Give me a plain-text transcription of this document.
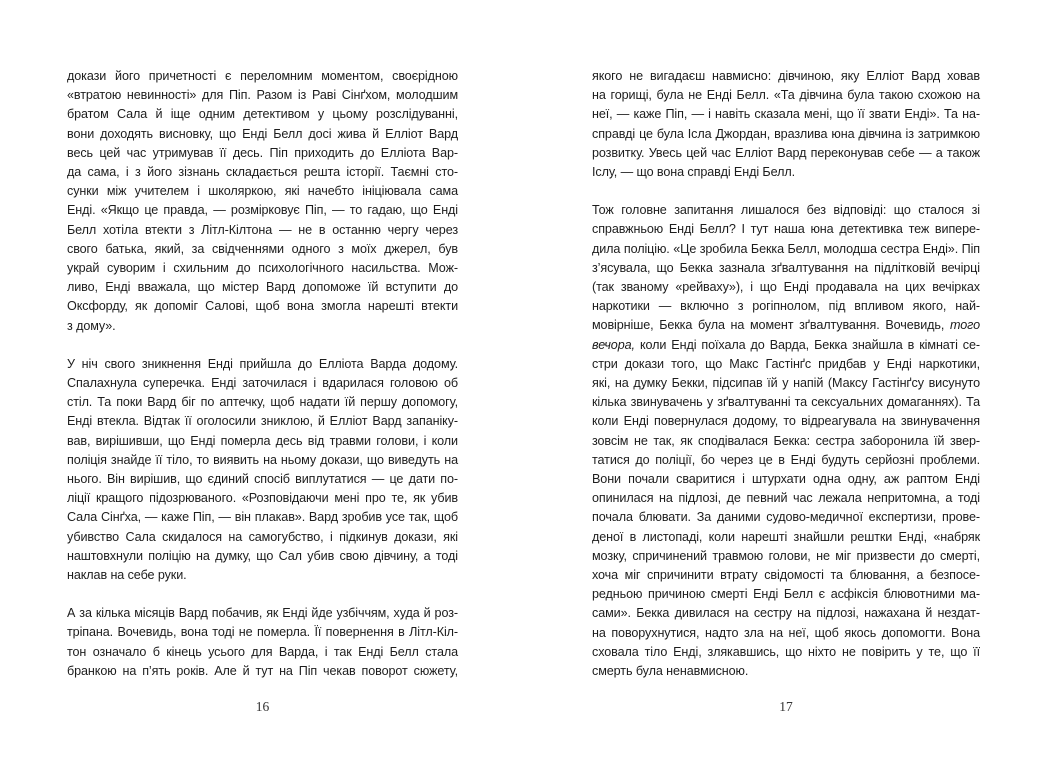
докази його причетності є переломним моментом, своєрідною
«втратою невинності» для Піп. Разом із Раві Сінґхом, молодшим
братом Сала й іще одним детективом у цьому розслідуванні,
вони доходять висновку, що Енді Белл досі жива й Елліот Вард
весь цей час утримував її десь. Піп приходить до Елліота Вар-
да сама, і з його зізнань складається решта історії. Таємні сто-
сунки між учителем і школяркою, які начебто ініціювала сама
Енді. «Якщо це правда, — розмірковує Піп, — то гадаю, що Енді
Белл хотіла втекти з Літл-Кілтона — не в останню чергу через
свого батька, який, за свідченнями одного з моїх джерел, був
украй суворим і схильним до психологічного насильства. Мож-
ливо, Енді вважала, що містер Вард допоможе їй вступити до
Оксфорду, як допоміг Салові, щоб вона змогла нарешті втекти
з дому».
У ніч свого зникнення Енді прийшла до Елліота Варда додому.
Спалахнула суперечка. Енді заточилася і вдарилася головою об
стіл. Та поки Вард біг по аптечку, щоб надати їй першу допомогу,
Енді втекла. Відтак її оголосили зниклою, й Елліот Вард запаніку-
вав, вирішивши, що Енді померла десь від травми голови, і коли
поліція знайде її тіло, то виявить на ньому докази, що виведуть на
нього. Він вирішив, що єдиний спосіб виплутатися — це дати по-
ліції кращого підозрюваного. «Розповідаючи мені про те, як убив
Сала Сінґха, — каже Піп, — він плакав». Вард зробив усе так, щоб
убивство Сала скидалося на самогубство, і підкинув докази, які
наштовхнули поліцію на думку, що Сал убив свою дівчину, а тоді
наклав на себе руки.
А за кілька місяців Вард побачив, як Енді йде узбіччям, худа й роз-
тріпана. Вочевидь, вона тоді не померла. Її повернення в Літл-Кіл-
тон означало б кінець усього для Варда, і так Енді Белл стала
бранкою на п’ять років. Але й тут на Піп чекав поворот сюжету,
16
якого не вигадаєш навмисно: дівчиною, яку Елліот Вард ховав
на горищі, була не Енді Белл. «Та дівчина була такою схожою на
неї, — каже Піп, — і навіть сказала мені, що її звати Енді». Та на-
справді це була Ісла Джордан, вразлива юна дівчина із затримкою
розвитку. Увесь цей час Елліот Вард переконував себе — а також
Іслу, — що вона справді Енді Белл.
Тож головне запитання лишалося без відповіді: що сталося зі
справжньою Енді Белл? І тут наша юна детективка теж випере-
дила поліцію. «Це зробила Бекка Белл, молодша сестра Енді». Піп
з’ясувала, що Бекка зазнала зґвалтування на підлітковій вечірці
(так званому «рейваху»), і що Енді продавала на цих вечірках
наркотики — включно з рогіпнолом, під впливом якого, най-
мовірніше, Бекка була на момент зґвалтування. Вочевидь, того
вечора, коли Енді поїхала до Варда, Бекка знайшла в кімнаті се-
стри докази того, що Макс Гастінґс придбав у Енді наркотики,
які, на думку Бекки, підсипав їй у напій (Максу Гастінґсу висунуто
кілька звинувачень у зґвалтуванні та сексуальних домаганнях). Та
коли Енді повернулася додому, то відреагувала на звинувачення
зовсім не так, як сподівалася Бекка: сестра заборонила їй звер-
татися до поліції, бо через це в Енді будуть серйозні проблеми.
Вони почали сваритися і штурхати одна одну, аж раптом Енді
опинилася на підлозі, де певний час лежала непритомна, а тоді
почала блювати. За даними судово-медичної експертизи, прове-
деної в листопаді, коли нарешті знайшли рештки Енді, «набряк
мозку, спричинений травмою голови, не міг призвести до смерті,
хоча міг спричинити втрату свідомості та блювання, а безпосе-
редньою причиною смерті Енді Белл є асфіксія блювотними ма-
сами». Бекка дивилася на сестру на підлозі, нажахана й нездат-
на поворухнутися, надто зла на неї, щоб якось допомогти. Вона
сховала тіло Енді, злякавшись, що ніхто не повірить у те, що її
смерть була ненавмисною.
17
